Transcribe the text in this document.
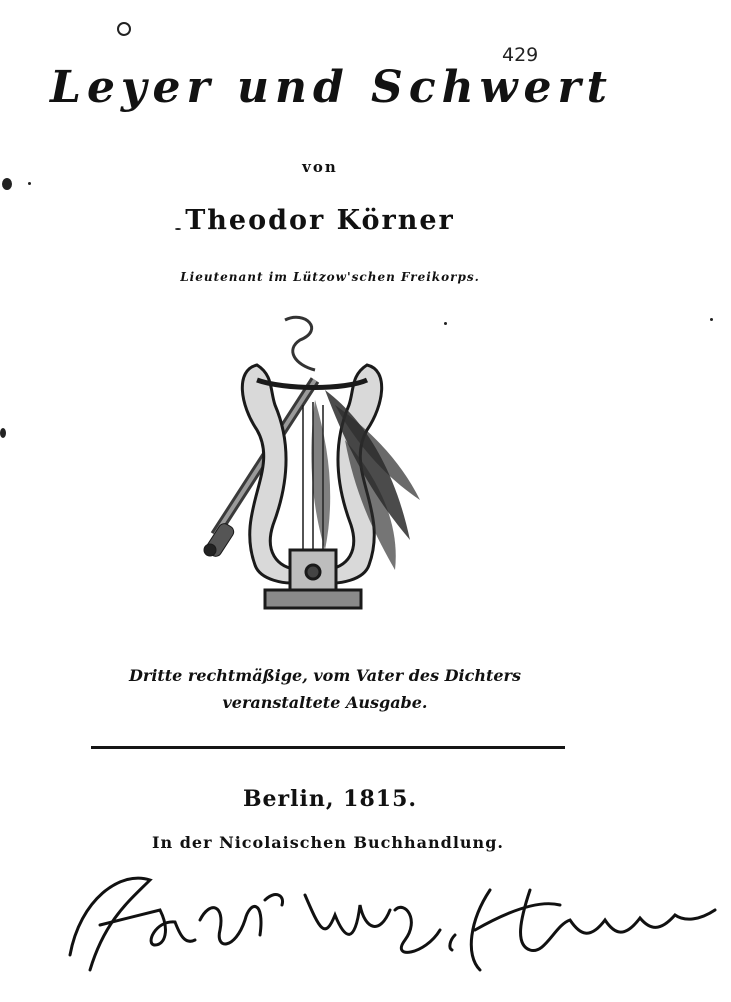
429
Leyer und Schwert
von
Theodor Körner
Lieutenant im Lützow'schen Freikorps.
Dritte rechtmäßige, vom Vater des Dichters
veranstaltete Ausgabe.
Berlin, 1815.
In der Nicolaischen Buchhandlung.
